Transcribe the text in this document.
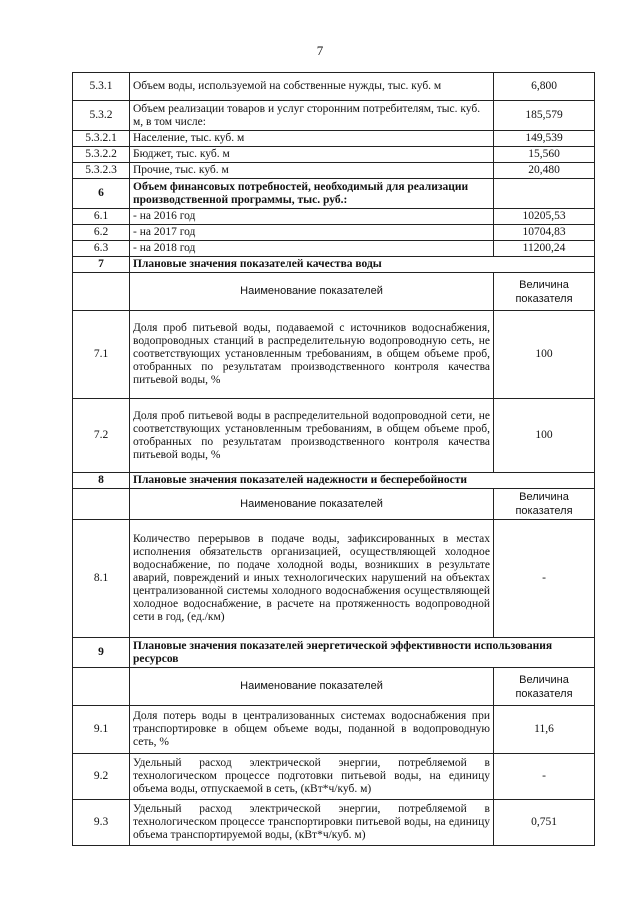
7
5.3.1	Объем воды, используемой на собственные нужды, тыс. куб. м	6,800
5.3.2	Объем реализации товаров и услуг сторонним потребителям, тыс. куб. м, в том числе:	185,579
5.3.2.1	Население, тыс. куб. м	149,539
5.3.2.2	Бюджет, тыс. куб. м	15,560
5.3.2.3	Прочие, тыс. куб. м	20,480
6	Объем финансовых потребностей, необходимый для реализации производственной программы, тыс. руб.:	
6.1	- на 2016 год	10205,53
6.2	- на 2017 год	10704,83
6.3	- на 2018 год	11200,24
7	Плановые значения показателей качества воды	
	Наименование показателей	Величина показателя
7.1	Доля проб питьевой воды, подаваемой с источников водоснабжения, водопроводных станций в распределительную водопроводную сеть, не соответствующих установленным требованиям, в общем объеме проб, отобранных по результатам производственного контроля качества питьевой воды, %	100
7.2	Доля проб питьевой воды в распределительной водопроводной сети, не соответствующих установленным требованиям, в общем объеме проб, отобранных по результатам производственного контроля качества питьевой воды, %	100
8	Плановые значения показателей надежности и бесперебойности	
	Наименование показателей	Величина показателя
8.1	Количество перерывов в подаче воды, зафиксированных в местах исполнения обязательств организацией, осуществляющей холодное водоснабжение, по подаче холодной воды, возникших в результате аварий, повреждений и иных технологических нарушений на объектах централизованной системы холодного водоснабжения осуществляющей холодное водоснабжение, в расчете на протяженность водопроводной сети в год, (ед./км)	-
9	Плановые значения показателей энергетической эффективности использования ресурсов	
	Наименование показателей	Величина показателя
9.1	Доля потерь воды в централизованных системах водоснабжения при транспортировке в общем объеме воды, поданной в водопроводную сеть, %	11,6
9.2	Удельный расход электрической энергии, потребляемой в технологическом процессе подготовки питьевой воды, на единицу объема воды, отпускаемой в сеть, (кВт*ч/куб. м)	-
9.3	Удельный расход электрической энергии, потребляемой в технологическом процессе транспортировки питьевой воды, на единицу объема транспортируемой воды, (кВт*ч/куб. м)	0,751
